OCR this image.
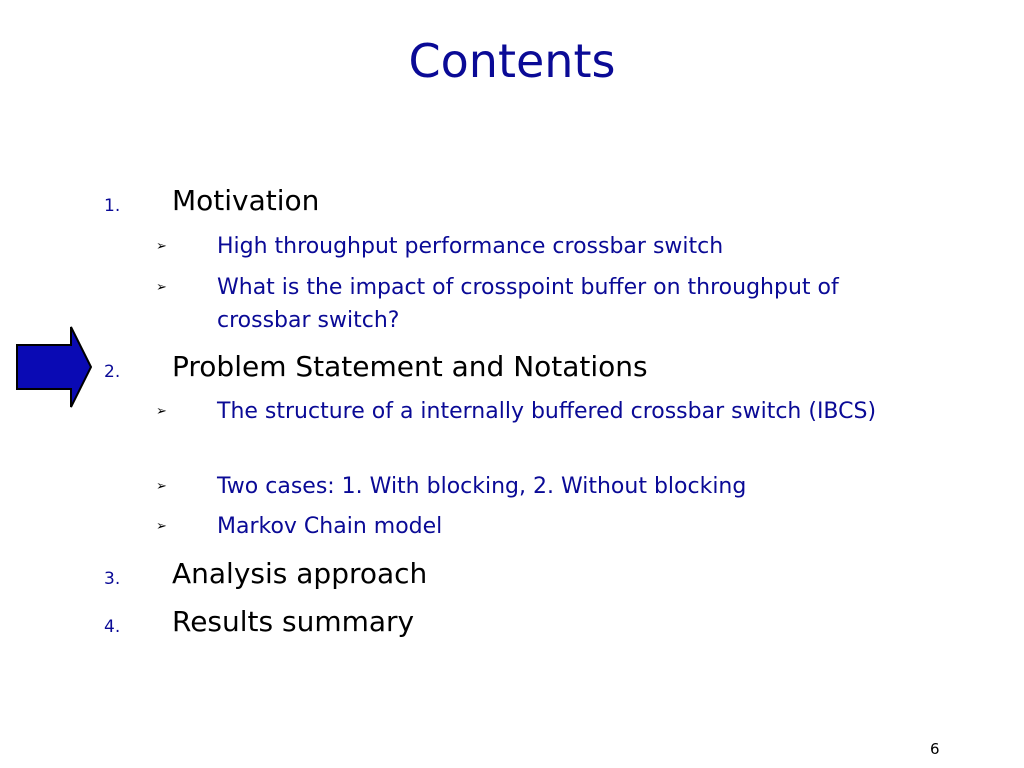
Contents
1. Motivation
➢ High throughput performance crossbar switch
➢ What is the impact of crosspoint buffer on throughput of crossbar switch?
2. Problem Statement and Notations
➢ The structure of a internally buffered crossbar switch (IBCS)
➢ Two cases: 1. With blocking, 2. Without blocking
➢ Markov Chain model
3. Analysis approach
4. Results summary
6
